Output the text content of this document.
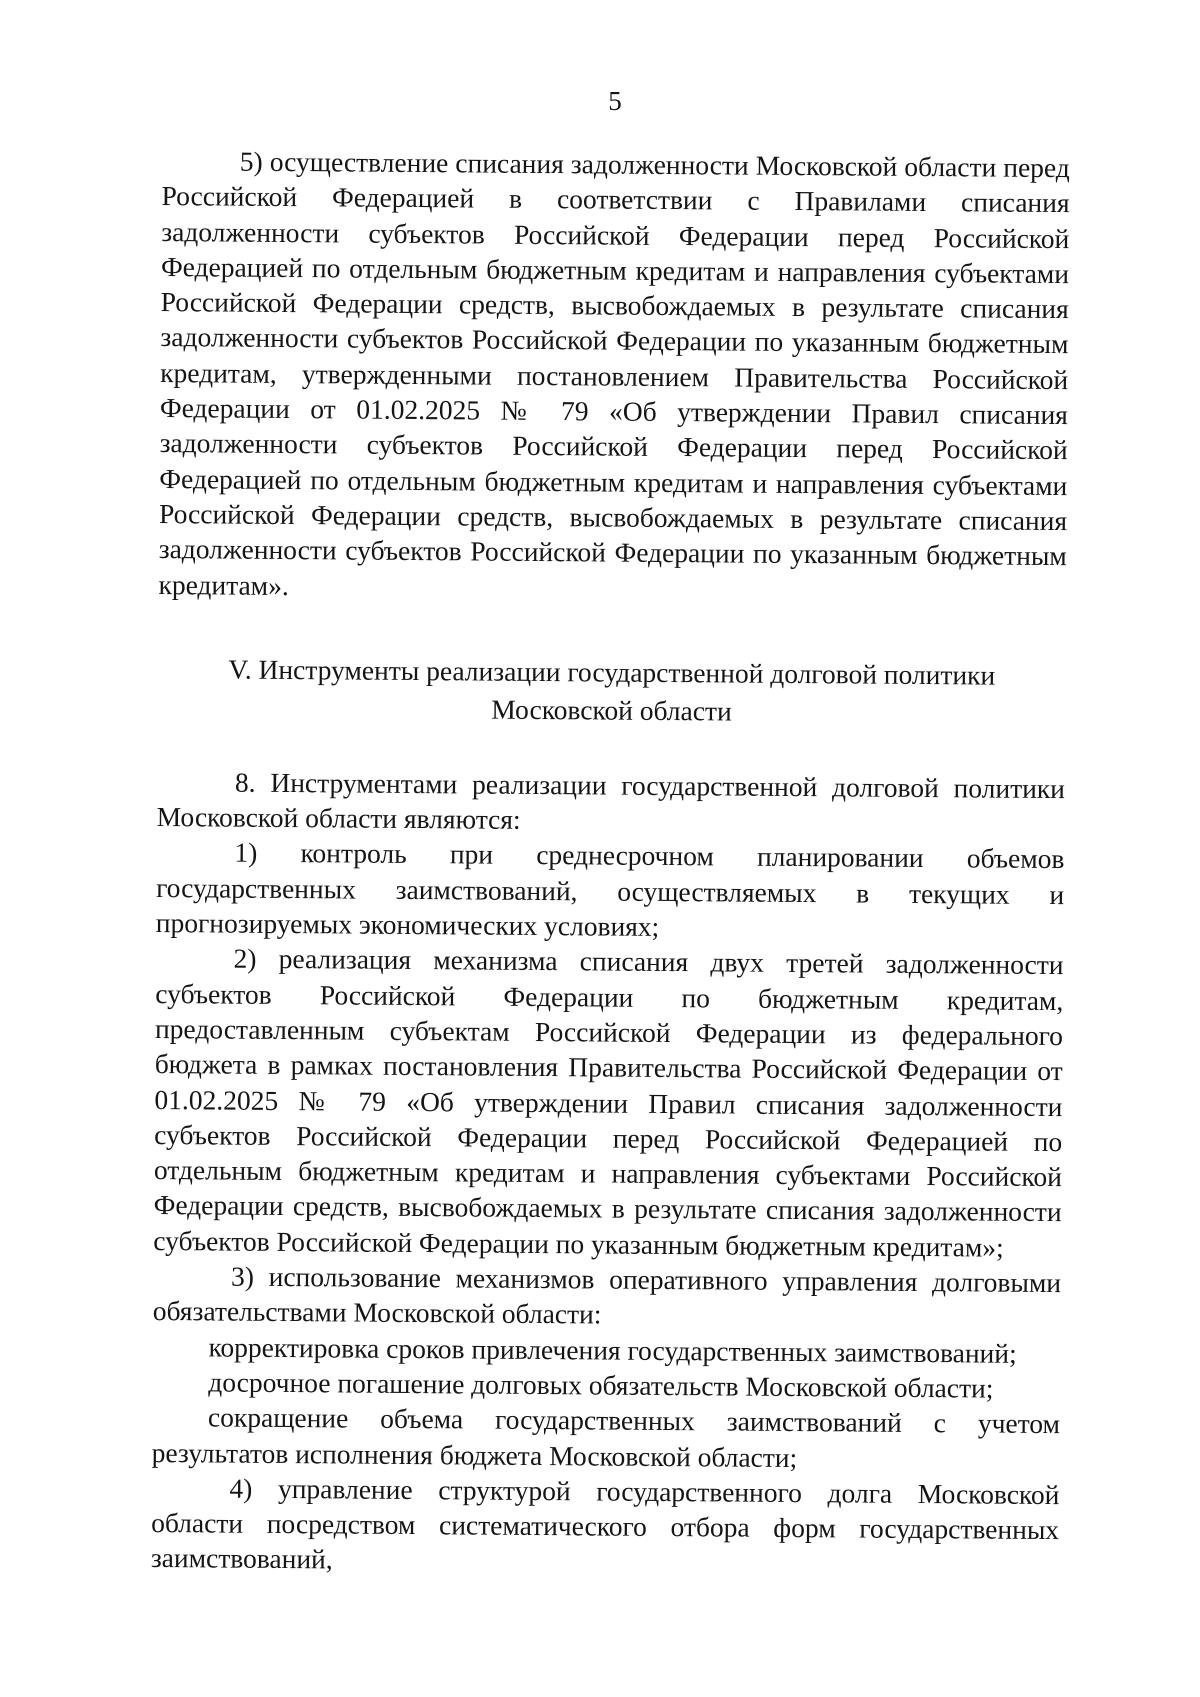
5

5) осуществление списания задолженности Московской области перед Российской Федерацией в соответствии с Правилами списания задолженности субъектов Российской Федерации перед Российской Федерацией по отдельным бюджетным кредитам и направления субъектами Российской Федерации средств, высвобождаемых в результате списания задолженности субъектов Российской Федерации по указанным бюджетным кредитам, утвержденными постановлением Правительства Российской Федерации от 01.02.2025 № 79 «Об утверждении Правил списания задолженности субъектов Российской Федерации перед Российской Федерацией по отдельным бюджетным кредитам и направления субъектами Российской Федерации средств, высвобождаемых в результате списания задолженности субъектов Российской Федерации по указанным бюджетным кредитам».

V. Инструменты реализации государственной долговой политики
Московской области

8. Инструментами реализации государственной долговой политики Московской области являются:

1) контроль при среднесрочном планировании объемов государственных заимствований, осуществляемых в текущих и прогнозируемых экономических условиях;

2) реализация механизма списания двух третей задолженности субъектов Российской Федерации по бюджетным кредитам, предоставленным субъектам Российской Федерации из федерального бюджета в рамках постановления Правительства Российской Федерации от 01.02.2025 № 79 «Об утверждении Правил списания задолженности субъектов Российской Федерации перед Российской Федерацией по отдельным бюджетным кредитам и направления субъектами Российской Федерации средств, высвобождаемых в результате списания задолженности субъектов Российской Федерации по указанным бюджетным кредитам»;

3) использование механизмов оперативного управления долговыми обязательствами Московской области:

корректировка сроков привлечения государственных заимствований;

досрочное погашение долговых обязательств Московской области;

сокращение объема государственных заимствований с учетом результатов исполнения бюджета Московской области;

4) управление структурой государственного долга Московской области посредством систематического отбора форм государственных заимствований,
